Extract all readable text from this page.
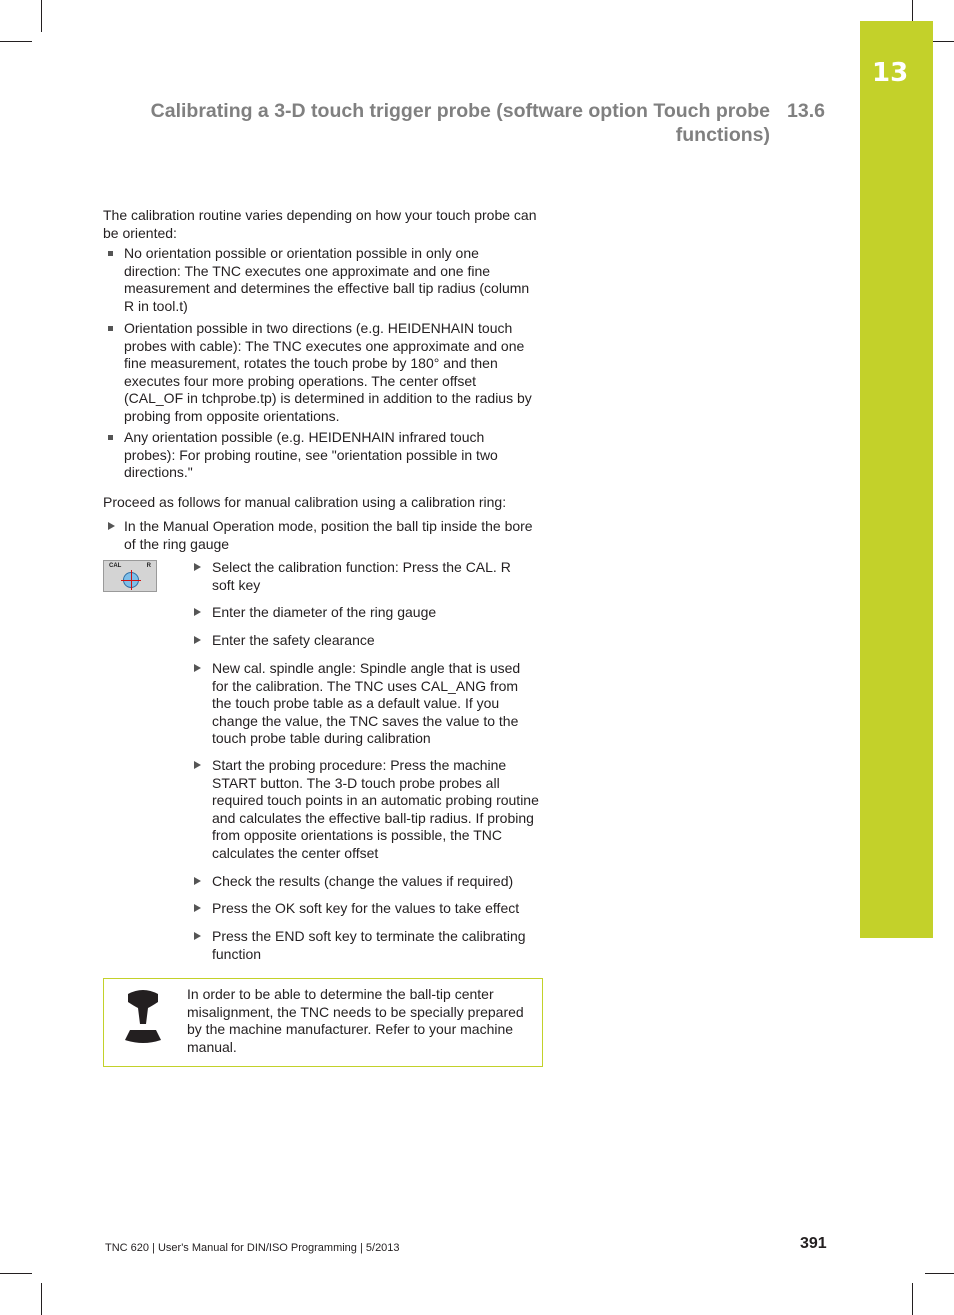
13
Calibrating a 3-D touch trigger probe (software option Touch probe
functions)
13.6
The calibration routine varies depending on how your touch probe can be oriented:
No orientation possible or orientation possible in only one direction: The TNC executes one approximate and one fine measurement and determines the effective ball tip radius (column R in tool.t)
Orientation possible in two directions (e.g. HEIDENHAIN touch probes with cable): The TNC executes one approximate and one fine measurement, rotates the touch probe by 180° and then executes four more probing operations. The center offset (CAL_OF in tchprobe.tp) is determined in addition to the radius by probing from opposite orientations.
Any orientation possible (e.g. HEIDENHAIN infrared touch probes): For probing routine, see "orientation possible in two directions."
Proceed as follows for manual calibration using a calibration ring:
In the Manual Operation mode, position the ball tip inside the bore of the ring gauge
CAL	R	Select the calibration function: Press the CAL. R soft key
Enter the diameter of the ring gauge
Enter the safety clearance
New cal. spindle angle: Spindle angle that is used for the calibration. The TNC uses CAL_ANG from the touch probe table as a default value. If you change the value, the TNC saves the value to the touch probe table during calibration
Start the probing procedure: Press the machine START button. The 3-D touch probe probes all required touch points in an automatic probing routine and calculates the effective ball-tip radius. If probing from opposite orientations is possible, the TNC calculates the center offset
Check the results (change the values if required)
Press the OK soft key for the values to take effect
Press the END soft key to terminate the calibrating function
In order to be able to determine the ball-tip center misalignment, the TNC needs to be specially prepared by the machine manufacturer. Refer to your machine manual.
TNC 620 | User's Manual for DIN/ISO Programming | 5/2013	391
